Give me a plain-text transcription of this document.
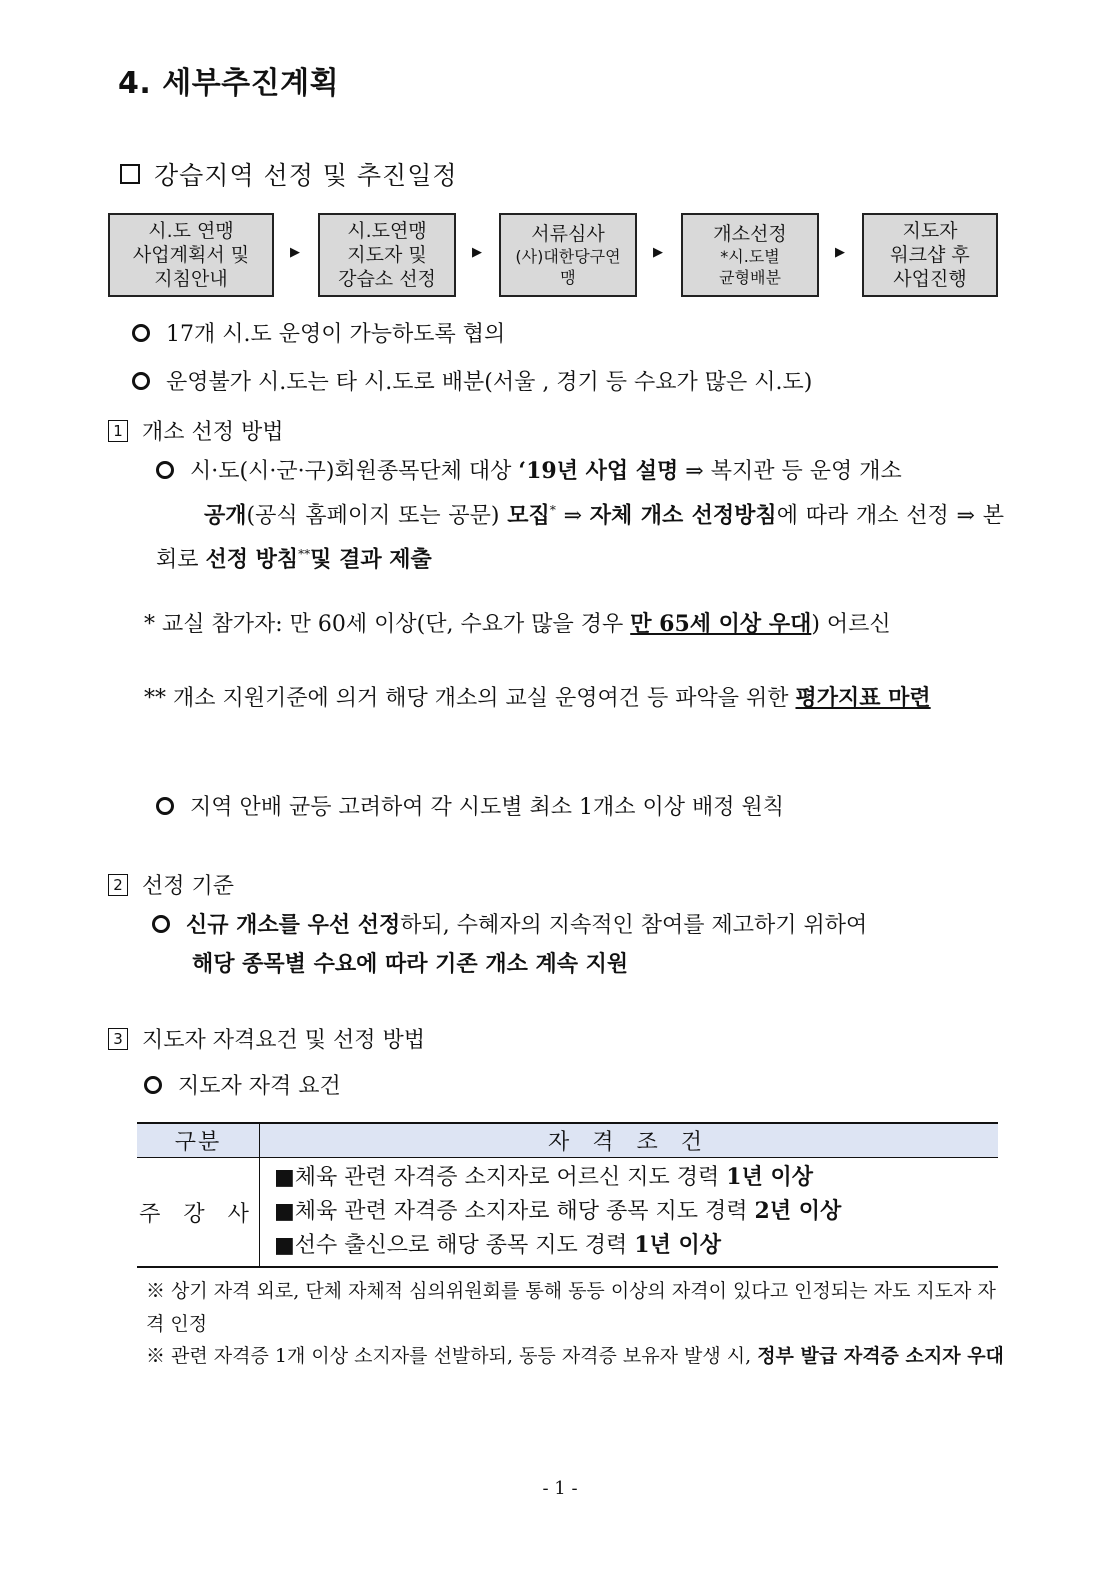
4. 세부추진계획
강습지역 선정 및 추진일정
시.도 연맹
사업계획서 및
지침안내
▶
시.도연맹
지도자 및
강습소 선정
▶
서류심사
(사)대한당구연
맹
▶
개소선정
*시.도별
균형배분
▶
지도자
워크샵 후
사업진행
17개 시.도 운영이 가능하도록 협의
운영불가 시.도는 타 시.도로 배분(서울 , 경기 등 수요가 많은 시.도)
1 개소 선정 방법
시·도(시·군·구)회원종목단체 대상 ‘19년 사업 설명 ⇒ 복지관 등 운영 개소
공개(공식 홈페이지 또는 공문) 모집* ⇒ 자체 개소 선정방침에 따라 개소 선정 ⇒ 본회로 선정 방침**및 결과 제출
* 교실 참가자: 만 60세 이상(단, 수요가 많을 경우 만 65세 이상 우대) 어르신
** 개소 지원기준에 의거 해당 개소의 교실 운영여건 등 파악을 위한 평가지표 마련
지역 안배 균등 고려하여 각 시도별 최소 1개소 이상 배정 원칙
2 선정 기준
신규 개소를 우선 선정하되, 수혜자의 지속적인 참여를 제고하기 위하여
해당 종목별 수요에 따라 기존 개소 계속 지원
3 지도자 자격요건 및 선정 방법
지도자 자격 요건
구분	자 격 조 건
주 강 사	■체육 관련 자격증 소지자로 어르신 지도 경력 1년 이상
■체육 관련 자격증 소지자로 해당 종목 지도 경력 2년 이상
■선수 출신으로 해당 종목 지도 경력 1년 이상
※ 상기 자격 외로, 단체 자체적 심의위원회를 통해 동등 이상의 자격이 있다고 인정되는 자도 지도자 자격 인정
※ 관련 자격증 1개 이상 소지자를 선발하되, 동등 자격증 보유자 발생 시, 정부 발급 자격증 소지자 우대
- 1 -
